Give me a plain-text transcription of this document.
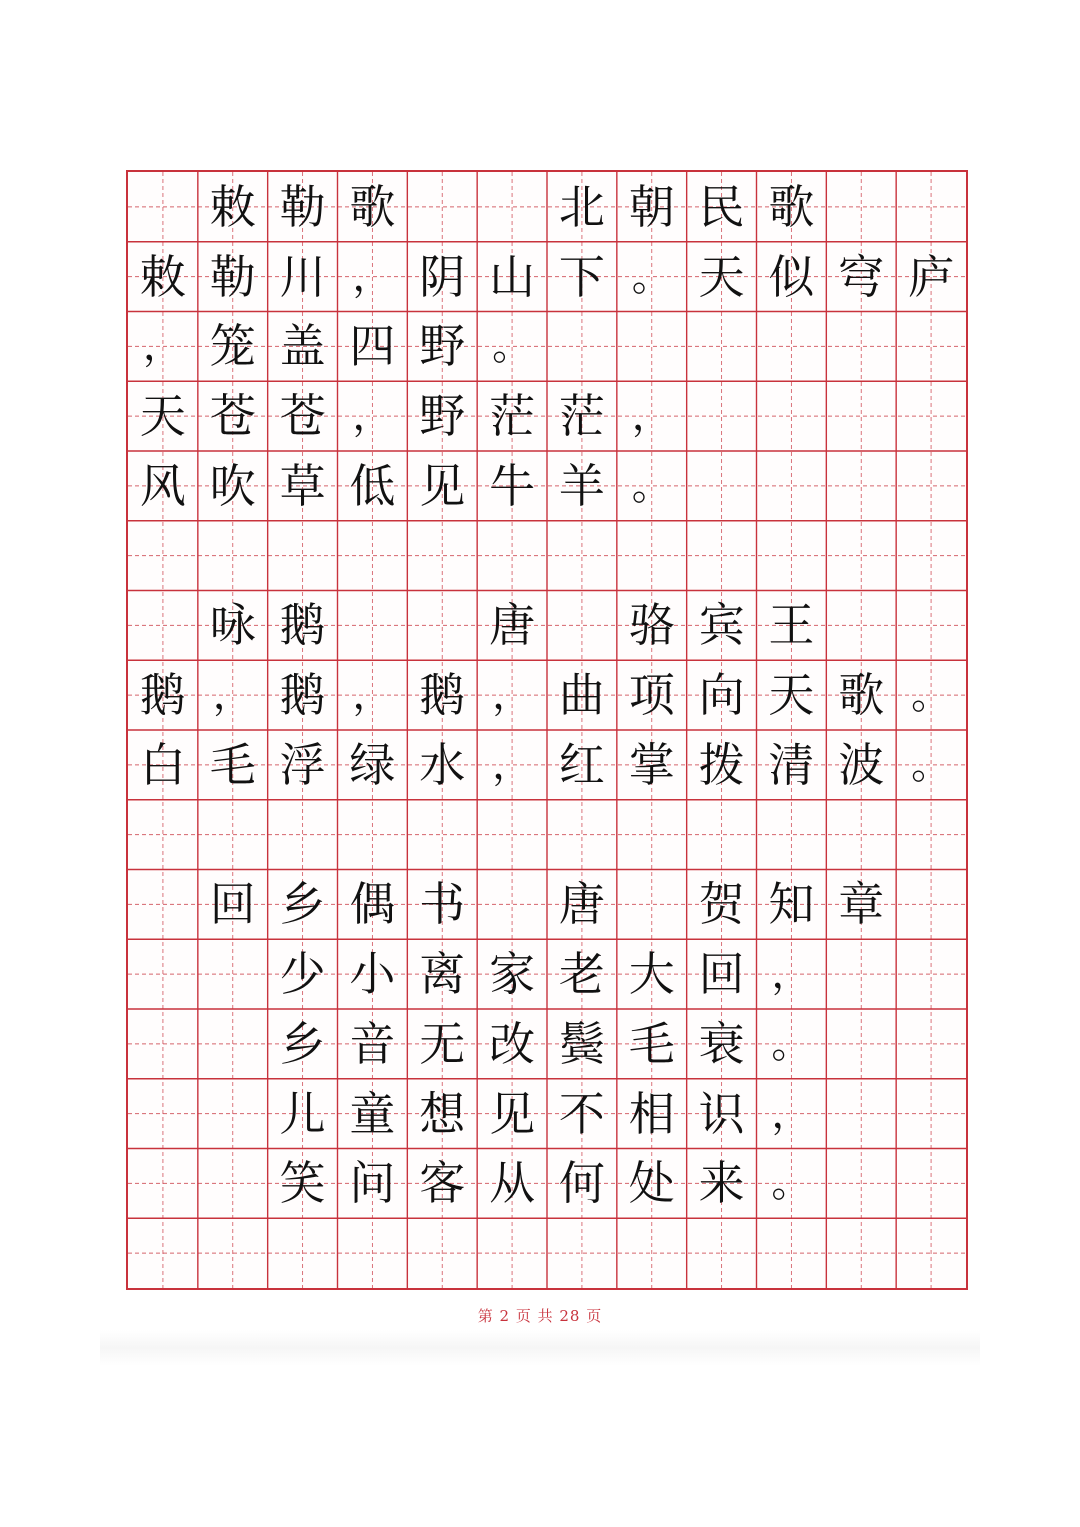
敕 勒 歌	北 朝 民 歌
敕 勒 川 ， 阴 山 下 。 天 似 穹 庐
， 笼 盖 四 野 。
天 苍 苍 ， 野 茫 茫 ，
风 吹 草 低 见 牛 羊 。
咏 鹅	唐 骆 宾 王
鹅 ， 鹅 ， 鹅 ， 曲 项 向 天 歌 。
白 毛 浮 绿 水 ， 红 掌 拨 清 波 。
回 乡 偶 书 唐 贺 知 章
少 小 离 家 老 大 回 ，
乡 音 无 改 鬓 毛 衰 。
儿 童 想 见 不 相 识 ，
笑 问 客 从 何 处 来 。
第 2 页 共 28 页
